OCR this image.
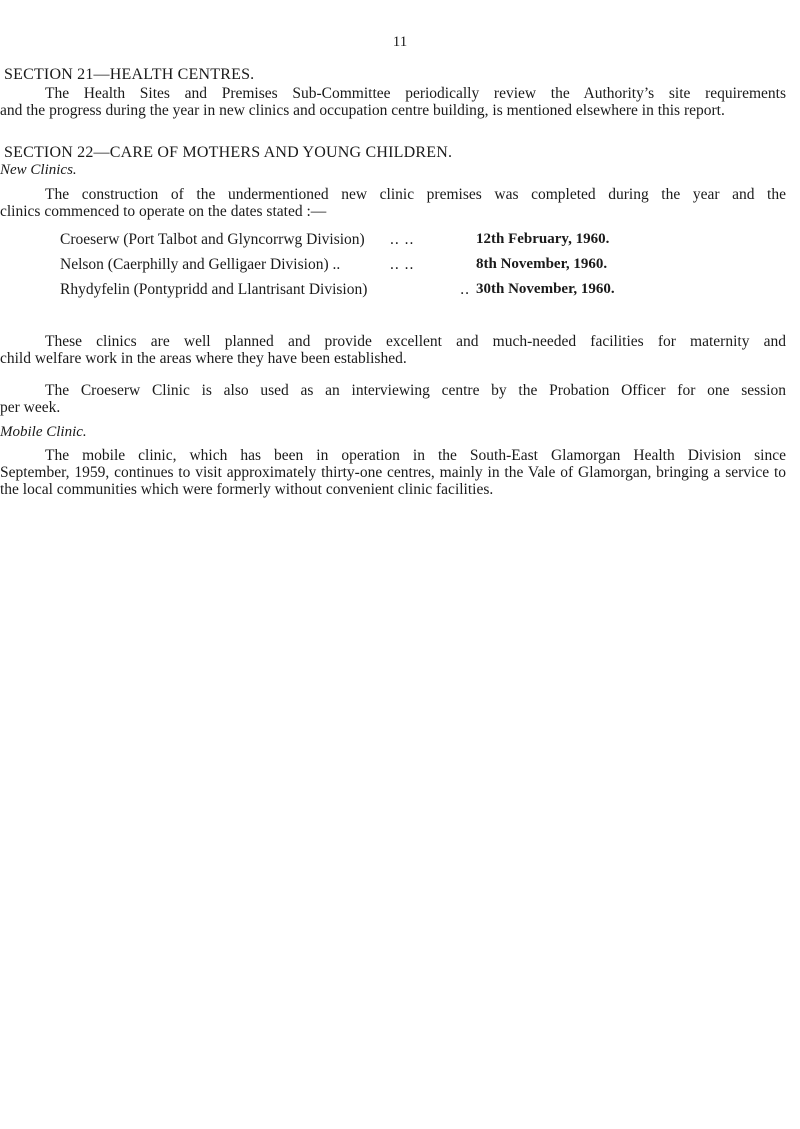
11
SECTION 21—HEALTH CENTRES.
The Health Sites and Premises Sub-Committee periodically review the Authority’s site requirements
and the progress during the year in new clinics and occupation centre building, is mentioned elsewhere in this report.
SECTION 22—CARE OF MOTHERS AND YOUNG CHILDREN.
New Clinics.
The construction of the undermentioned new clinic premises was completed during the year and the
clinics commenced to operate on the dates stated :—
Croeserw (Port Talbot and Glyncorrwg Division)	.. ..	12th February, 1960.
Nelson (Caerphilly and Gelligaer Division) ..	.. ..	8th November, 1960.
Rhydyfelin (Pontypridd and Llantrisant Division)	.. 30th November, 1960.
These clinics are well planned and provide excellent and much-needed facilities for maternity and
child welfare work in the areas where they have been established.
The Croeserw Clinic is also used as an interviewing centre by the Probation Officer for one session
per week.
Mobile Clinic.
The mobile clinic, which has been in operation in the South-East Glamorgan Health Division since
September, 1959, continues to visit approximately thirty-one centres, mainly in the Vale of Glamorgan, bringing a service to the local communities which were formerly without convenient clinic facilities.
